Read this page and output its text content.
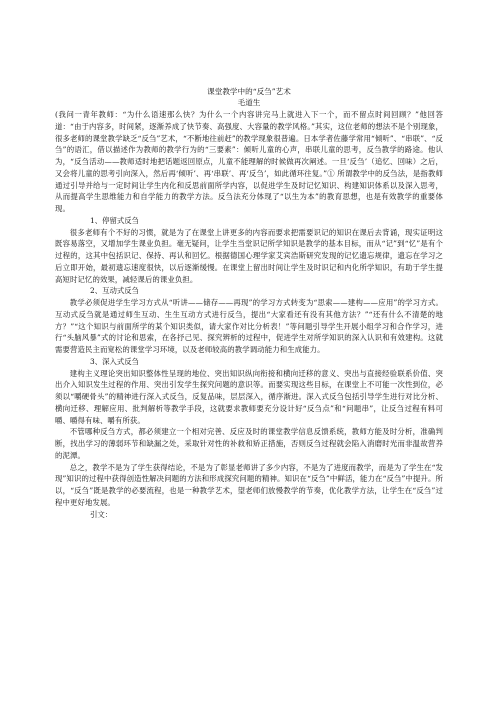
课堂教学中的“反刍”艺术

毛道生

(我问一青年教师：“为什么语速那么快？为什么一个内容讲完马上就进入下一个，而不留点时间回顾？”他回答道：“由于内容多，时间紧，逐渐养成了快节奏、高强度、大容量的教学风格。”其实，这位老师的想法不是个别现象，很多老师的课堂教学缺乏“反刍”艺术，“不断地往前赶”的教学现象很普遍。日本学者佐藤学常用“倾听”、“串联”、“反刍”的语汇，借以描述作为教师的教学行为的“三要素”：倾听儿童的心声，串联儿童的思考，反刍教学的路途。他认为，“反刍活动——教师适时地把话题返回原点，儿童不能理解的时候做再次阐述。一旦‘反刍’（追忆、回味）之后，又会将儿童的思考引向深入，然后再‘倾听’、再‘串联’、再‘反刍’，如此循环往复。”① 所谓教学中的反刍法，是指教师通过引导并给与一定时间让学生内化和反思前面所学内容，以促进学生及时记忆知识、构建知识体系以及深入思考，从而提高学生思维能力和自学能力的教学方法。反刍法充分体现了“以生为本”的教育思想，也是有效教学的重要体现。

1、停留式反刍

很多老师有个不好的习惯，就是为了在课堂上讲更多的内容而要求把需要识记的知识在课后去背诵，现实证明这既容易落空，又增加学生课业负担。毫无疑问，让学生当堂识记所学知识是教学的基本目标，而从“记”到“忆”是有个过程的，这其中包括识记、保持、再认和回忆。根据德国心理学家艾宾浩斯研究发现的记忆遗忘规律，遗忘在学习之后立即开始，最初遗忘速度很快，以后逐渐缓慢。在课堂上留出时间让学生及时识记和内化所学知识，有助于学生提高短时记忆的效果，减轻课后的课业负担。

2、互动式反刍

教学必须促进学生学习方式从“听讲——储存——再现”的学习方式转变为“思索——建构——应用”的学习方式。互动式反刍就是通过师生互动、生生互动方式进行反刍，提出“大家看还有没有其他方法？”“还有什么不清楚的地方？”“这个知识与前面所学的某个知识类似，请大家作对比分析表！”等问题引导学生开展小组学习和合作学习，进行“头脑风暴”式的讨论和思索，在各抒己见、探究辨析的过程中，促进学生对所学知识的深入认识和有效建构。这就需要营造民主而宽松的课堂学习环境，以及老师较高的教学调动能力和生成能力。

3、深入式反刍

建构主义理论突出知识整体性呈现的地位、突出知识纵向衔接和横向迁移的意义、突出与直接经验联系价值、突出介入知识发生过程的作用、突出引发学生探究问题的意识等。而要实现这些目标，在课堂上不可能一次性到位，必须以“嚼硬骨头”的精神进行深入式反刍，反复品味，层层深入，循序渐进。深入式反刍包括引导学生进行对比分析、横向迁移、理解应用、批判解析等教学手段，这就要求教师要充分设计好“反刍点”和“问题串”，让反刍过程有料可嚼、嚼得有味、嚼有所获。

不管哪种反刍方式，都必须建立一个相对完善、反应及时的课堂教学信息反馈系统，教师方能及时分析，准确判断，找出学习的薄弱环节和缺漏之处，采取针对性的补救和矫正措施，否则反刍过程就会陷入消磨时光而非温故营养的泥潭。

总之，教学不是为了学生获得结论，不是为了彰显老师讲了多少内容，不是为了进度而教学，而是为了学生在“发现”知识的过程中获得创造性解决问题的方法和形成探究问题的精神。知识在“反刍”中鲜活，能力在“反刍”中提升。所以，“反刍”既是教学的必要流程，也是一种教学艺术，望老师们放慢教学的节奏，优化教学方法，让学生在“反刍”过程中更好地发展。

引文：
